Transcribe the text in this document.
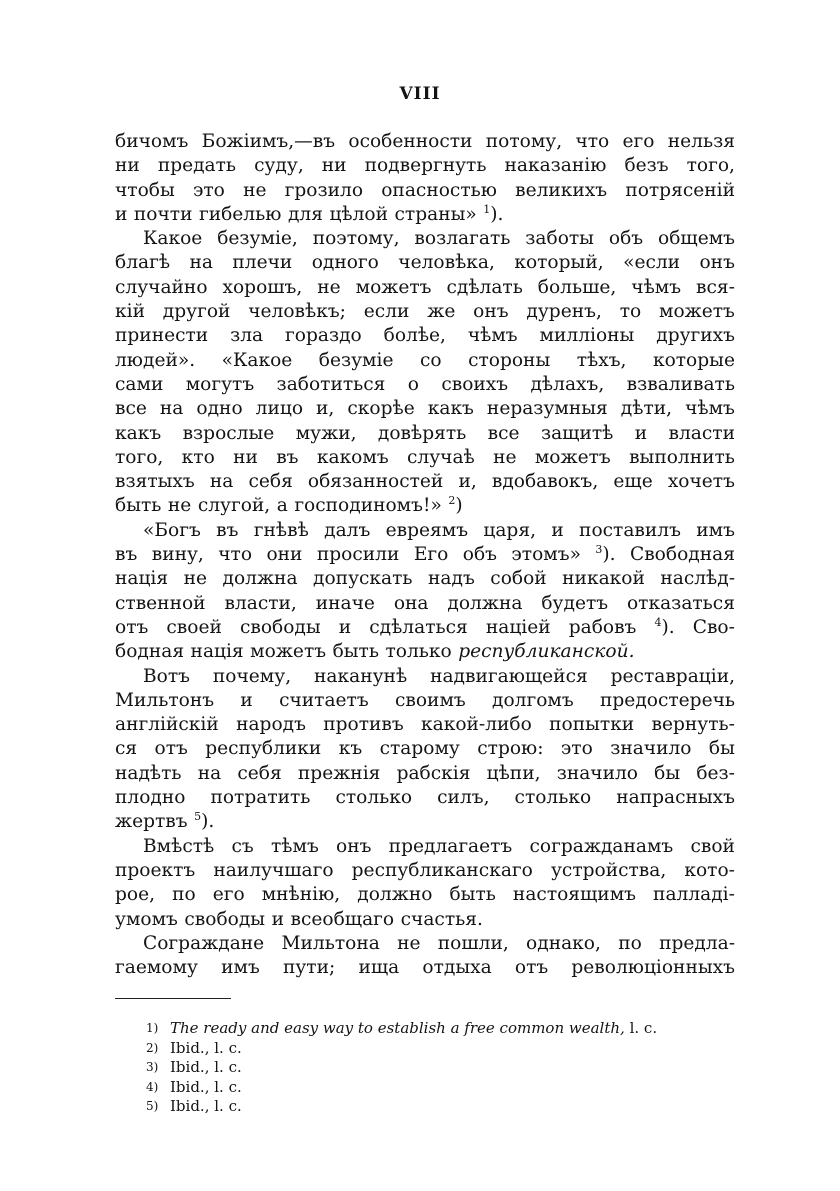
VIII
бичомъ Божіимъ,—въ особенности потому, что его нельзя
ни предать суду, ни подвергнуть наказанію безъ того,
чтобы это не грозило опасностью великихъ потрясеній
и почти гибелью для цѣлой страны» $^1$).
Какое безуміе, поэтому, возлагать заботы объ общемъ
благѣ на плечи одного человѣка, который, «если онъ
случайно хорошъ, не можетъ сдѣлать больше, чѣмъ вся-
кій другой человѣкъ; если же онъ дуренъ, то можетъ
принести зла гораздо болѣе, чѣмъ милліоны другихъ
людей». «Какое безуміе со стороны тѣхъ, которые
сами могутъ заботиться о своихъ дѣлахъ, взваливать
все на одно лицо и, скорѣе какъ неразумныя дѣти, чѣмъ
какъ взрослые мужи, довѣрять все защитѣ и власти
того, кто ни въ какомъ случаѣ не можетъ выполнить
взятыхъ на себя обязанностей и, вдобавокъ, еще хочетъ
быть не слугой, а господиномъ!» $^2$)
«Богъ въ гнѣвѣ далъ евреямъ царя, и поставилъ имъ
въ вину, что они просили Его объ этомъ» $^3$). Свободная
нація не должна допускать надъ собой никакой наслѣд-
ственной власти, иначе она должна будетъ отказаться
отъ своей свободы и сдѣлаться націей рабовъ $^4$). Сво-
бодная нація можетъ быть только республиканской.
Вотъ почему, наканунѣ надвигающейся реставраціи,
Мильтонъ и считаетъ своимъ долгомъ предостеречь
англійскій народъ противъ какой-либо попытки вернуть-
ся отъ республики къ старому строю: это значило бы
надѣть на себя прежнія рабскія цѣпи, значило бы без-
плодно потратить столько силъ, столько напрасныхъ
жертвъ $^5$).
Вмѣстѣ съ тѣмъ онъ предлагаетъ согражданамъ свой
проектъ наилучшаго республиканскаго устройства, кото-
рое, по его мнѣнію, должно быть настоящимъ палладі-
умомъ свободы и всеобщаго счастья.
Сограждане Мильтона не пошли, однако, по предла-
гаемому имъ пути; ища отдыха отъ революціонныхъ
1) The ready and easy way to establish a free common wealth, l. c.
2) Ibid., l. c.
3) Ibid., l. c.
4) Ibid., l. c.
5) Ibid., l. c.
